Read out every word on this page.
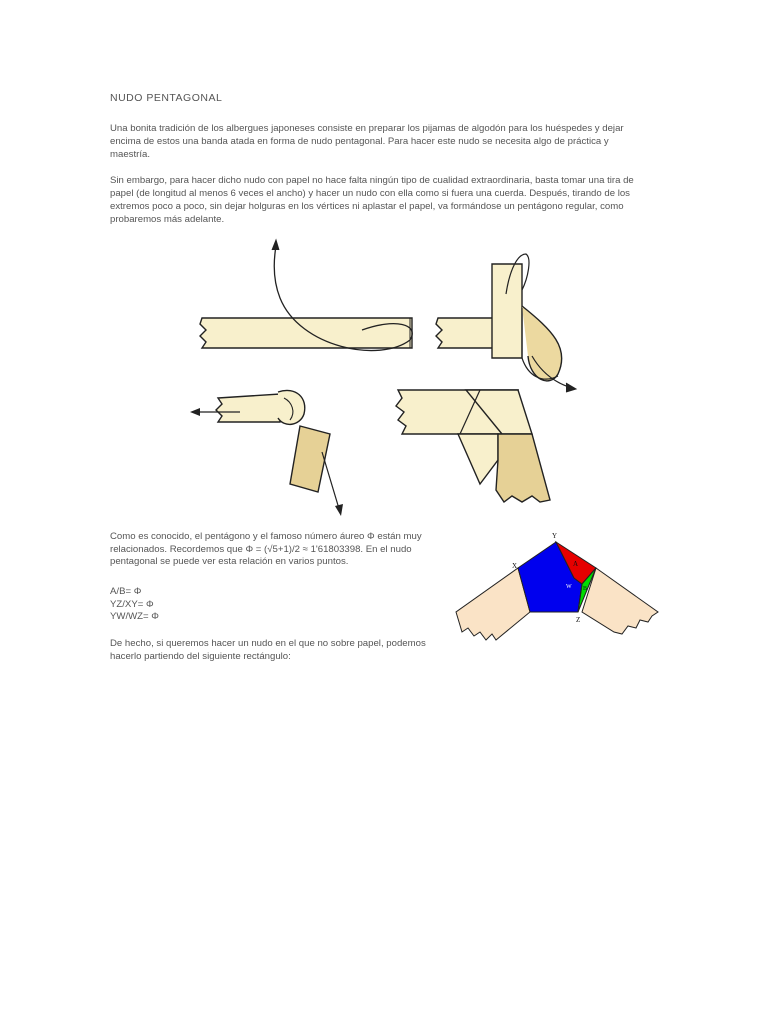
NUDO PENTAGONAL

Una bonita tradición de los albergues japoneses consiste en preparar los pijamas de algodón para los huéspedes y dejar encima de estos una banda atada en forma de nudo pentagonal. Para hacer este nudo se necesita algo de práctica y maestría.

Sin embargo, para hacer dicho nudo con papel no hace falta ningún tipo de cualidad extraordinaria, basta tomar una tira de papel (de longitud al menos 6 veces el ancho) y hacer un nudo con ella como si fuera una cuerda. Después, tirando de los extremos poco a poco, sin dejar holguras en los vértices ni aplastar el papel, va formándose un pentágono regular, como probaremos más adelante.

Como es conocido, el pentágono y el famoso número áureo Φ están muy relacionados. Recordemos que Φ = (√5+1)/2 ≈ 1'61803398. En el nudo pentagonal se puede ver esta relación en varios puntos.

A/B= Φ
YZ/XY= Φ
YW/WZ= Φ

De hecho, si queremos hacer un nudo en el que no sobre papel, podemos hacerlo partiendo del siguiente rectángulo:

Y
X	A
W B
Z
